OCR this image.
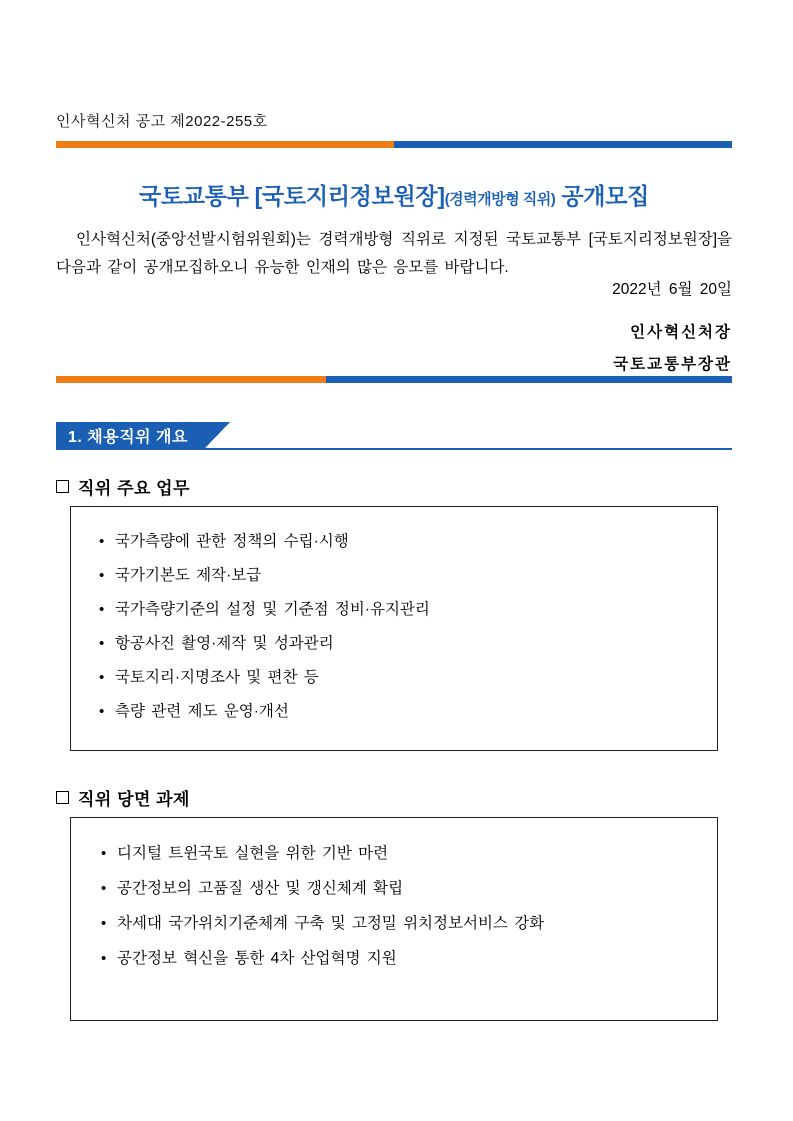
인사혁신처 공고 제2022-255호
국토교통부 [국토지리정보원장](경력개방형 직위) 공개모집
인사혁신처(중앙선발시험위원회)는 경력개방형 직위로 지정된 국토교통부 [국토지리정보원장]을 다음과 같이 공개모집하오니 유능한 인재의 많은 응모를 바랍니다.
2022년 6월 20일
인사혁신처장
국토교통부장관
1. 채용직위 개요
직위 주요 업무
• 국가측량에 관한 정책의 수립·시행
• 국가기본도 제작·보급
• 국가측량기준의 설정 및 기준점 정비·유지관리
• 항공사진 촬영·제작 및 성과관리
• 국토지리·지명조사 및 편찬 등
• 측량 관련 제도 운영·개선
직위 당면 과제
• 디지털 트윈국토 실현을 위한 기반 마련
• 공간정보의 고품질 생산 및 갱신체계 확립
• 차세대 국가위치기준체계 구축 및 고정밀 위치정보서비스 강화
• 공간정보 혁신을 통한 4차 산업혁명 지원
